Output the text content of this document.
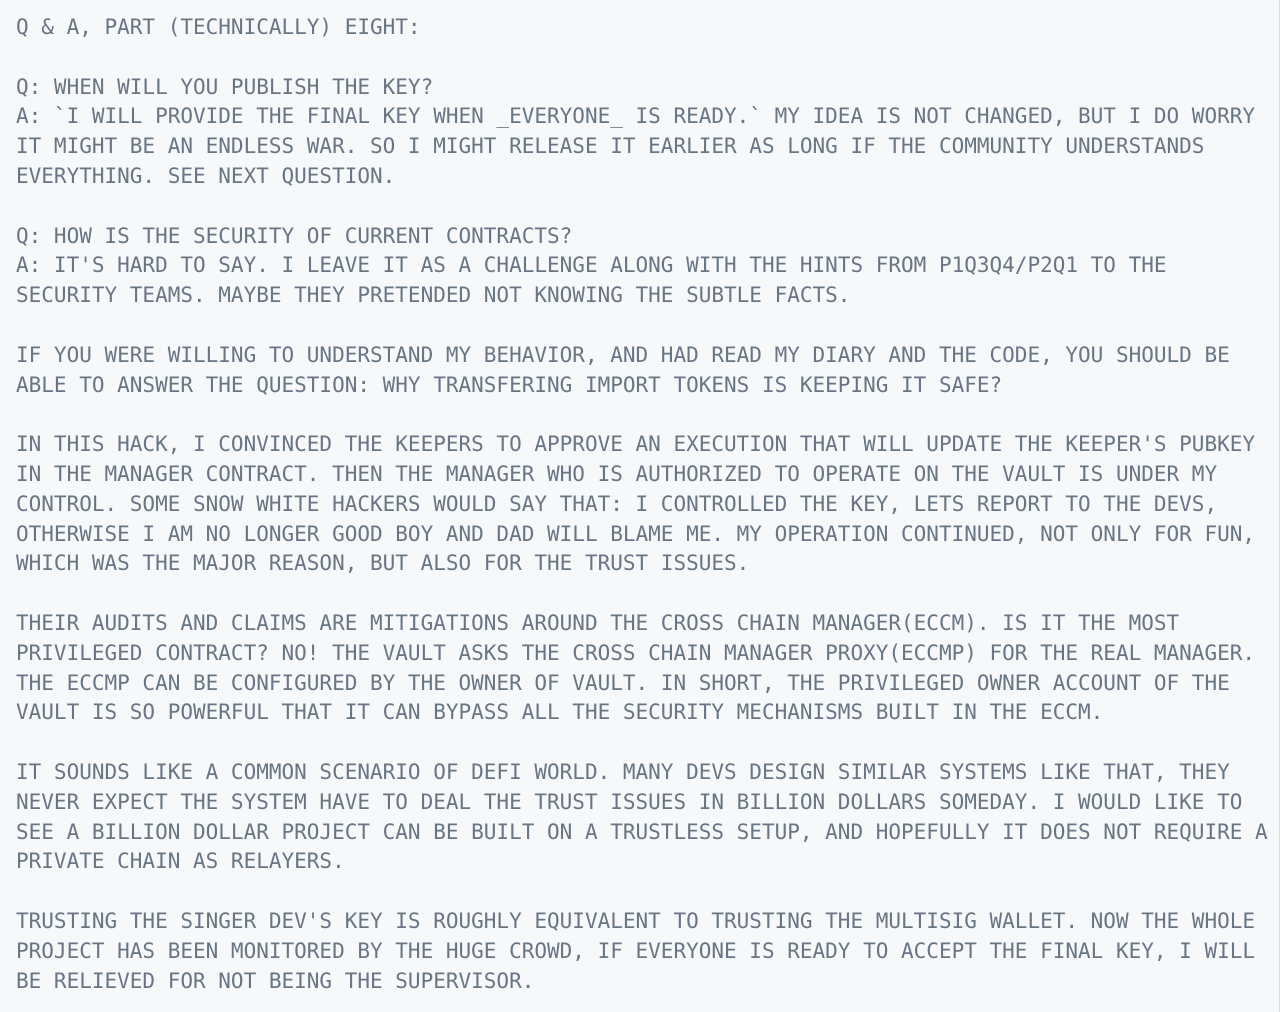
Q & A, PART (TECHNICALLY) EIGHT:
Q: WHEN WILL YOU PUBLISH THE KEY?
A: `I WILL PROVIDE THE FINAL KEY WHEN _EVERYONE_ IS READY.` MY IDEA IS NOT CHANGED, BUT I DO WORRY
IT MIGHT BE AN ENDLESS WAR. SO I MIGHT RELEASE IT EARLIER AS LONG IF THE COMMUNITY UNDERSTANDS
EVERYTHING. SEE NEXT QUESTION.
Q: HOW IS THE SECURITY OF CURRENT CONTRACTS?
A: IT'S HARD TO SAY. I LEAVE IT AS A CHALLENGE ALONG WITH THE HINTS FROM P1Q3Q4/P2Q1 TO THE
SECURITY TEAMS. MAYBE THEY PRETENDED NOT KNOWING THE SUBTLE FACTS.
IF YOU WERE WILLING TO UNDERSTAND MY BEHAVIOR, AND HAD READ MY DIARY AND THE CODE, YOU SHOULD BE
ABLE TO ANSWER THE QUESTION: WHY TRANSFERING IMPORT TOKENS IS KEEPING IT SAFE?
IN THIS HACK, I CONVINCED THE KEEPERS TO APPROVE AN EXECUTION THAT WILL UPDATE THE KEEPER'S PUBKEY
IN THE MANAGER CONTRACT. THEN THE MANAGER WHO IS AUTHORIZED TO OPERATE ON THE VAULT IS UNDER MY
CONTROL. SOME SNOW WHITE HACKERS WOULD SAY THAT: I CONTROLLED THE KEY, LETS REPORT TO THE DEVS,
OTHERWISE I AM NO LONGER GOOD BOY AND DAD WILL BLAME ME. MY OPERATION CONTINUED, NOT ONLY FOR FUN,
WHICH WAS THE MAJOR REASON, BUT ALSO FOR THE TRUST ISSUES.
THEIR AUDITS AND CLAIMS ARE MITIGATIONS AROUND THE CROSS CHAIN MANAGER(ECCM). IS IT THE MOST
PRIVILEGED CONTRACT? NO! THE VAULT ASKS THE CROSS CHAIN MANAGER PROXY(ECCMP) FOR THE REAL MANAGER.
THE ECCMP CAN BE CONFIGURED BY THE OWNER OF VAULT. IN SHORT, THE PRIVILEGED OWNER ACCOUNT OF THE
VAULT IS SO POWERFUL THAT IT CAN BYPASS ALL THE SECURITY MECHANISMS BUILT IN THE ECCM.
IT SOUNDS LIKE A COMMON SCENARIO OF DEFI WORLD. MANY DEVS DESIGN SIMILAR SYSTEMS LIKE THAT, THEY
NEVER EXPECT THE SYSTEM HAVE TO DEAL THE TRUST ISSUES IN BILLION DOLLARS SOMEDAY. I WOULD LIKE TO
SEE A BILLION DOLLAR PROJECT CAN BE BUILT ON A TRUSTLESS SETUP, AND HOPEFULLY IT DOES NOT REQUIRE A
PRIVATE CHAIN AS RELAYERS.
TRUSTING THE SINGER DEV'S KEY IS ROUGHLY EQUIVALENT TO TRUSTING THE MULTISIG WALLET. NOW THE WHOLE
PROJECT HAS BEEN MONITORED BY THE HUGE CROWD, IF EVERYONE IS READY TO ACCEPT THE FINAL KEY, I WILL
BE RELIEVED FOR NOT BEING THE SUPERVISOR.
